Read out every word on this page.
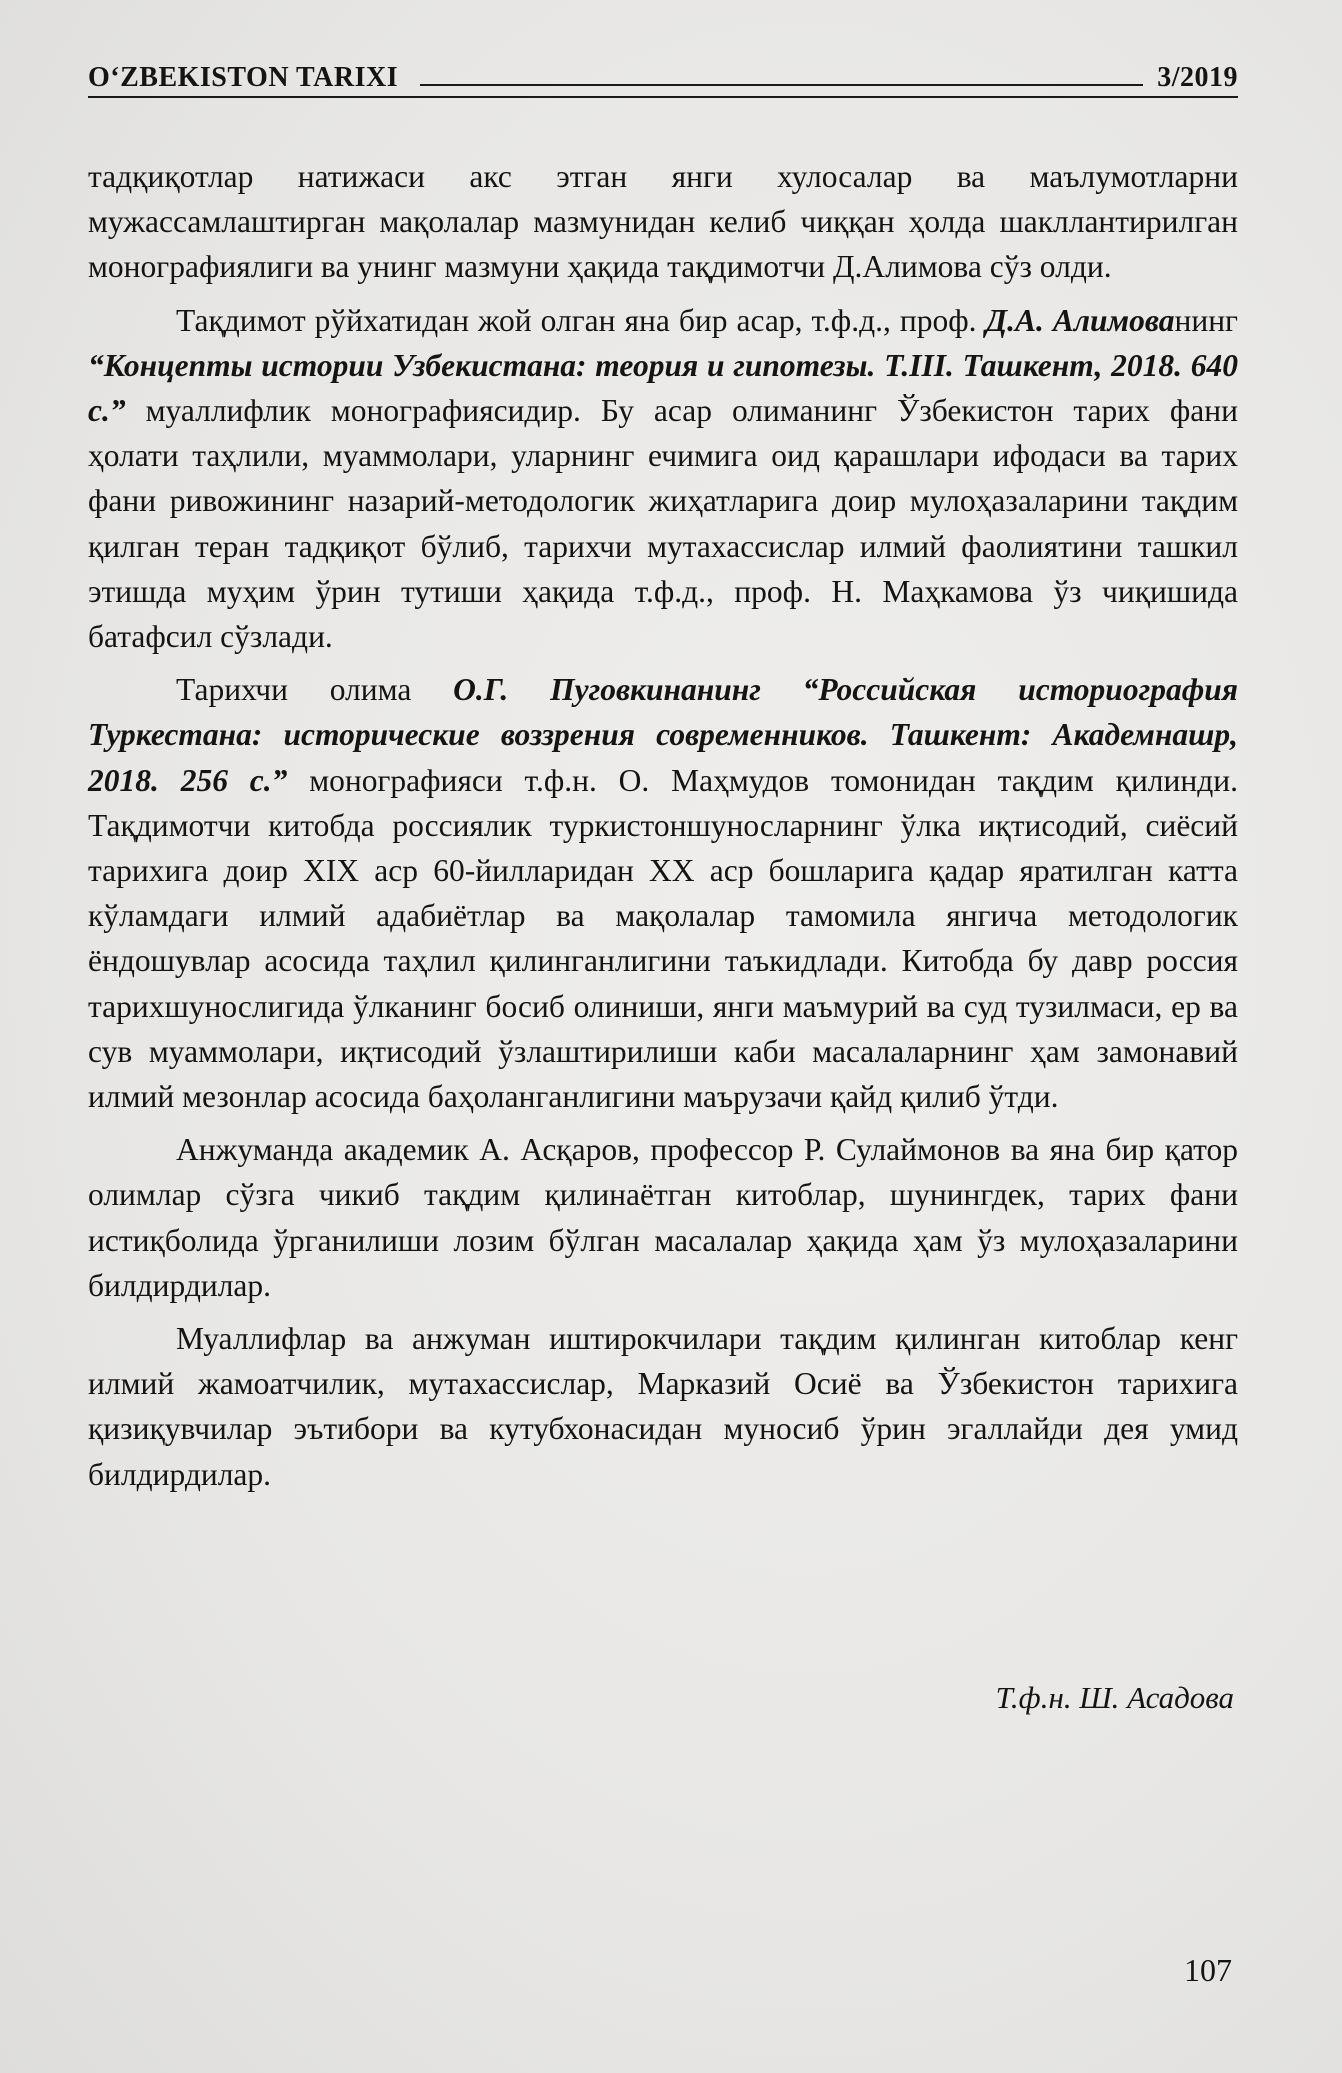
O‘ZBEKISTON TARIXI	3/2019

тадқиқотлар натижаси акс этган янги хулосалар ва маълумотларни мужассамлаштирган мақолалар мазмунидан келиб чиққан ҳолда шакллантирилган монографиялиги ва унинг мазмуни ҳақида тақдимотчи Д.Алимова сўз олди.

Тақдимот рўйхатидан жой олган яна бир асар, т.ф.д., проф. Д.А. Алимованинг “Концепты истории Узбекистана: теория и гипотезы. Т.III. Ташкент, 2018. 640 с.” муаллифлик монографиясидир. Бу асар олиманинг Ўзбекистон тарих фани ҳолати таҳлили, муаммолари, уларнинг ечимига оид қарашлари ифодаси ва тарих фани ривожининг назарий-методологик жиҳатларига доир мулоҳазаларини тақдим қилган теран тадқиқот бўлиб, тарихчи мутахассислар илмий фаолиятини ташкил этишда муҳим ўрин тутиши ҳақида т.ф.д., проф. Н. Маҳкамова ўз чиқишида батафсил сўзлади.

Тарихчи олима О.Г. Пуговкинанинг “Российская историография Туркестана: исторические воззрения современников. Ташкент: Академнашр, 2018. 256 с.” монографияси т.ф.н. О. Маҳмудов томонидан тақдим қилинди. Тақдимотчи китобда россиялик туркистоншуносларнинг ўлка иқтисодий, сиёсий тарихига доир XIX аср 60-йилларидан XX аср бошларига қадар яратилган катта кўламдаги илмий адабиётлар ва мақолалар тамомила янгича методологик ёндошувлар асосида таҳлил қилинганлигини таъкидлади. Китобда бу давр россия тарихшунослигида ўлканинг босиб олиниши, янги маъмурий ва суд тузилмаси, ер ва сув муаммолари, иқтисодий ўзлаштирилиши каби масалаларнинг ҳам замонавий илмий мезонлар асосида баҳоланганлигини маърузачи қайд қилиб ўтди.

Анжуманда академик А. Асқаров, профессор Р. Сулаймонов ва яна бир қатор олимлар сўзга чикиб тақдим қилинаётган китоблар, шунингдек, тарих фани истиқболида ўрганилиши лозим бўлган масалалар ҳақида ҳам ўз мулоҳазаларини билдирдилар.

Муаллифлар ва анжуман иштирокчилари тақдим қилинган китоблар кенг илмий жамоатчилик, мутахассислар, Марказий Осиё ва Ўзбекистон тарихига қизиқувчилар эътибори ва кутубхонасидан муносиб ўрин эгаллайди дея умид билдирдилар.

Т.ф.н. Ш. Асадова
107
